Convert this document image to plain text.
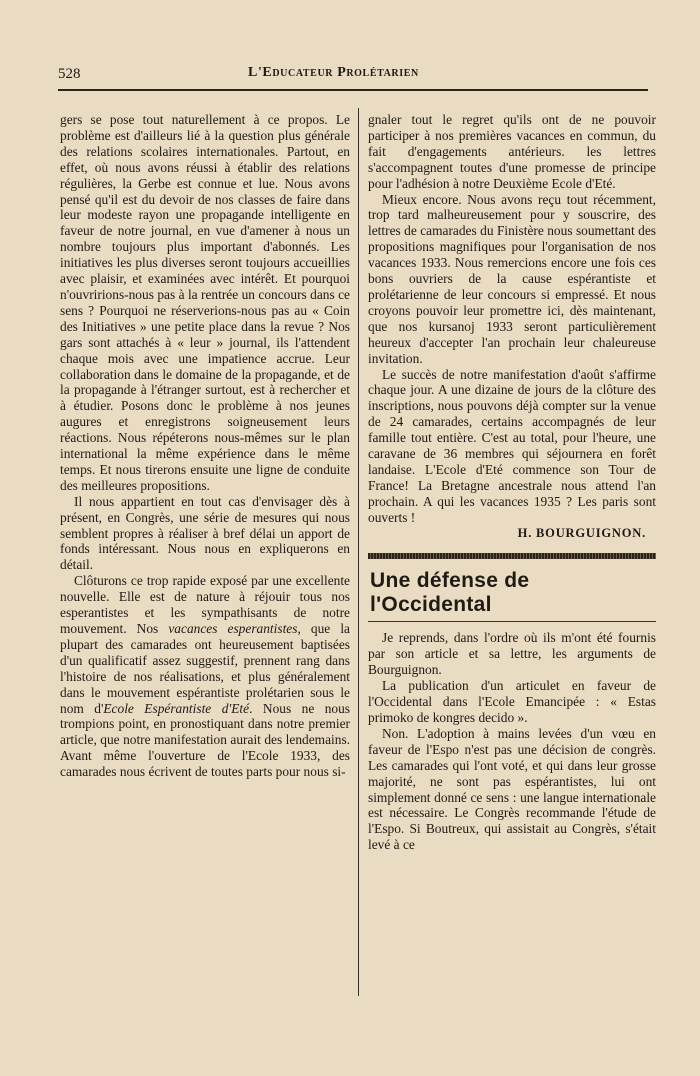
528	L'Educateur Prolétarien

gers se pose tout naturellement à ce propos. Le problème est d'ailleurs lié à la question plus générale des relations scolaires internationales. Partout, en effet, où nous avons réussi à établir des relations régulières, la Gerbe est connue et lue. Nous avons pensé qu'il est du devoir de nos classes de faire dans leur modeste rayon une propagande intelligente en faveur de notre journal, en vue d'amener à nous un nombre toujours plus important d'abonnés. Les initiatives les plus diverses seront toujours accueillies avec plaisir, et examinées avec intérêt. Et pourquoi n'ouvririons-nous pas à la rentrée un concours dans ce sens ? Pourquoi ne réserverions-nous pas au « Coin des Initiatives » une petite place dans la revue ? Nos gars sont attachés à « leur » journal, ils l'attendent chaque mois avec une impatience accrue. Leur collaboration dans le domaine de la propagande, et de la propagande à l'étranger surtout, est à rechercher et à étudier. Posons donc le problème à nos jeunes augures et enregistrons soigneusement leurs réactions. Nous répéterons nous-mêmes sur le plan international la même expérience dans le même temps. Et nous tirerons ensuite une ligne de conduite des meilleures propositions.

Il nous appartient en tout cas d'envisager dès à présent, en Congrès, une série de mesures qui nous semblent propres à réaliser à bref délai un apport de fonds intéressant. Nous nous en expliquerons en détail.

Clôturons ce trop rapide exposé par une excellente nouvelle. Elle est de nature à réjouir tous nos esperantistes et les sympathisants de notre mouvement. Nos vacances esperantistes, que la plupart des camarades ont heureusement baptisées d'un qualificatif assez suggestif, prennent rang dans l'histoire de nos réalisations, et plus généralement dans le mouvement espérantiste prolétarien sous le nom d'Ecole Espérantiste d'Eté. Nous ne nous trompions point, en pronostiquant dans notre premier article, que notre manifestation aurait des lendemains. Avant même l'ouverture de l'Ecole 1933, des camarades nous écrivent de toutes parts pour nous si-

gnaler tout le regret qu'ils ont de ne pouvoir participer à nos premières vacances en commun, du fait d'engagements antérieurs. les lettres s'accompagnent toutes d'une promesse de principe pour l'adhésion à notre Deuxième Ecole d'Eté.

Mieux encore. Nous avons reçu tout récemment, trop tard malheureusement pour y souscrire, des lettres de camarades du Finistère nous soumettant des propositions magnifiques pour l'organisation de nos vacances 1933. Nous remercions encore une fois ces bons ouvriers de la cause espérantiste et prolétarienne de leur concours si empressé. Et nous croyons pouvoir leur promettre ici, dès maintenant, que nos kursanoj 1933 seront particulièrement heureux d'accepter l'an prochain leur chaleureuse invitation.

Le succès de notre manifestation d'août s'affirme chaque jour. A une dizaine de jours de la clôture des inscriptions, nous pouvons déjà compter sur la venue de 24 camarades, certains accompagnés de leur famille tout entière. C'est au total, pour l'heure, une caravane de 36 membres qui séjournera en forêt landaise. L'Ecole d'Eté commence son Tour de France! La Bretagne ancestrale nous attend l'an prochain. A qui les vacances 1935 ? Les paris sont ouverts !

H. BOURGUIGNON.

Une défense de l'Occidental

Je reprends, dans l'ordre où ils m'ont été fournis par son article et sa lettre, les arguments de Bourguignon.

La publication d'un articulet en faveur de l'Occidental dans l'Ecole Emancipée : « Estas primoko de kongres decido ».

Non. L'adoption à mains levées d'un vœu en faveur de l'Espo n'est pas une décision de congrès. Les camarades qui l'ont voté, et qui dans leur grosse majorité, ne sont pas espérantistes, lui ont simplement donné ce sens : une langue internationale est nécessaire. Le Congrès recommande l'étude de l'Espo. Si Boutreux, qui assistait au Congrès, s'était levé à ce
